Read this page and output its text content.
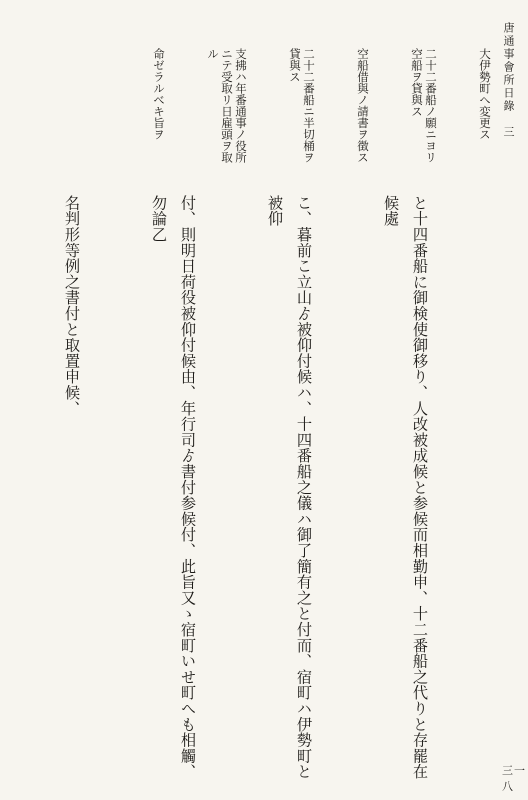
唐通事會所日錄　三
三一八
大伊勢町へ変更ス
二十二番船ノ願ニヨリ空船ヲ貸與ス
空船借與ノ請書ヲ徴ス
二十二番船ニ半切桶ヲ貸與ス
支拂ハ年番通事ノ役所ニテ受取リ日雇頭ヲ取ル
命ゼラルべキ旨ヲ

と十四番船に御検使御移り、人改被成候と参候而相勤申、十二番船之代りと存罷在候處

こ、暮前こ立山ゟ被仰付候ハ、十四番船之儀ハ御了簡有之と付而、宿町ハ伊勢町と被仰

付、則明日荷役被仰付候由、年行司ゟ書付参候付、此旨又ゝ宿町いせ町へも相觸、勿論乙

名判形等例之書付と取置申候、
